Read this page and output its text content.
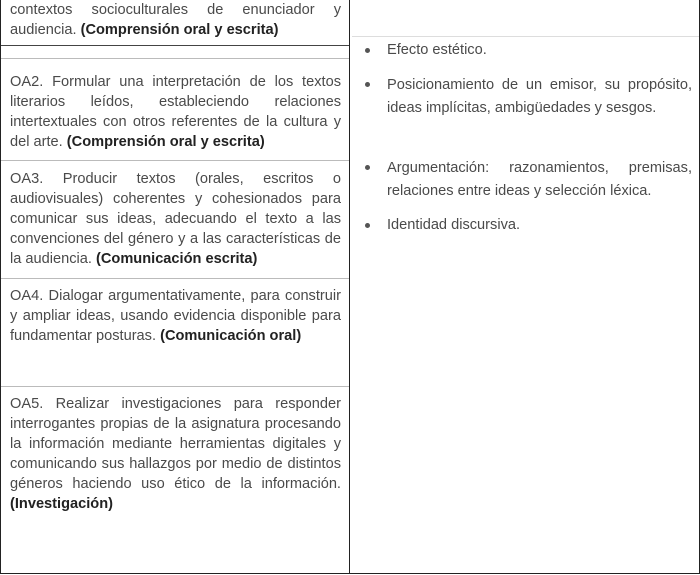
contextos socioculturales de enunciador y audiencia. (Comprensión oral y escrita)
OA2. Formular una interpretación de los textos literarios leídos, estableciendo relaciones intertextuales con otros referentes de la cultura y del arte. (Comprensión oral y escrita)
OA3. Producir textos (orales, escritos o audiovisuales) coherentes y cohesionados para comunicar sus ideas, adecuando el texto a las convenciones del género y a las características de la audiencia. (Comunicación escrita)
OA4. Dialogar argumentativamente, para construir y ampliar ideas, usando evidencia disponible para fundamentar posturas. (Comunicación oral)
OA5. Realizar investigaciones para responder interrogantes propias de la asignatura procesando la información mediante herramientas digitales y comunicando sus hallazgos por medio de distintos géneros haciendo uso ético de la información. (Investigación)
Efecto estético.
Posicionamiento de un emisor, su propósito, ideas implícitas, ambigüedades y sesgos.
Argumentación: razonamientos, premisas, relaciones entre ideas y selección léxica.
Identidad discursiva.
